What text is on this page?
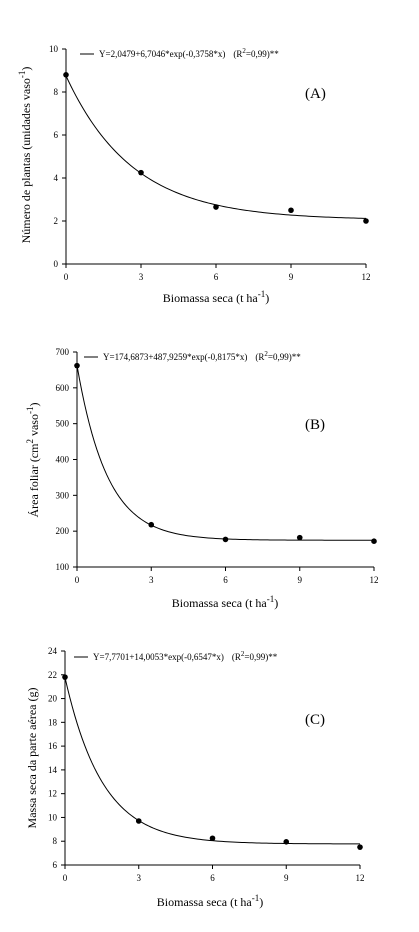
0	3	6	9	12
0
2
4
6
8
10	Y=2,0479+6,7046*exp(-0,3758*x) $(R^2=0,99)**$
(A)
Biomassa seca (t $ha^{-1}$)
Número de plantas (unidades vaso$^{-1}$)
0	3	6	9	12
100
200
300
400
500
600
700	Y=174,6873+487,9259*exp(-0,8175*x) $(R^2=0,99)**$
(B)
Biomassa seca (t $ha^{-1}$)
Área foliar ($cm^2$ vaso$^{-1}$)
0	3	6	9	12
6
8
10
12
14
16
18
20
22
24
Y=7,7701+14,0053*exp(-0,6547*x) $(R^2=0,99)**$
(C)
Biomassa seca (t $ha^{-1}$)
Massa seca da parte aérea (g)
